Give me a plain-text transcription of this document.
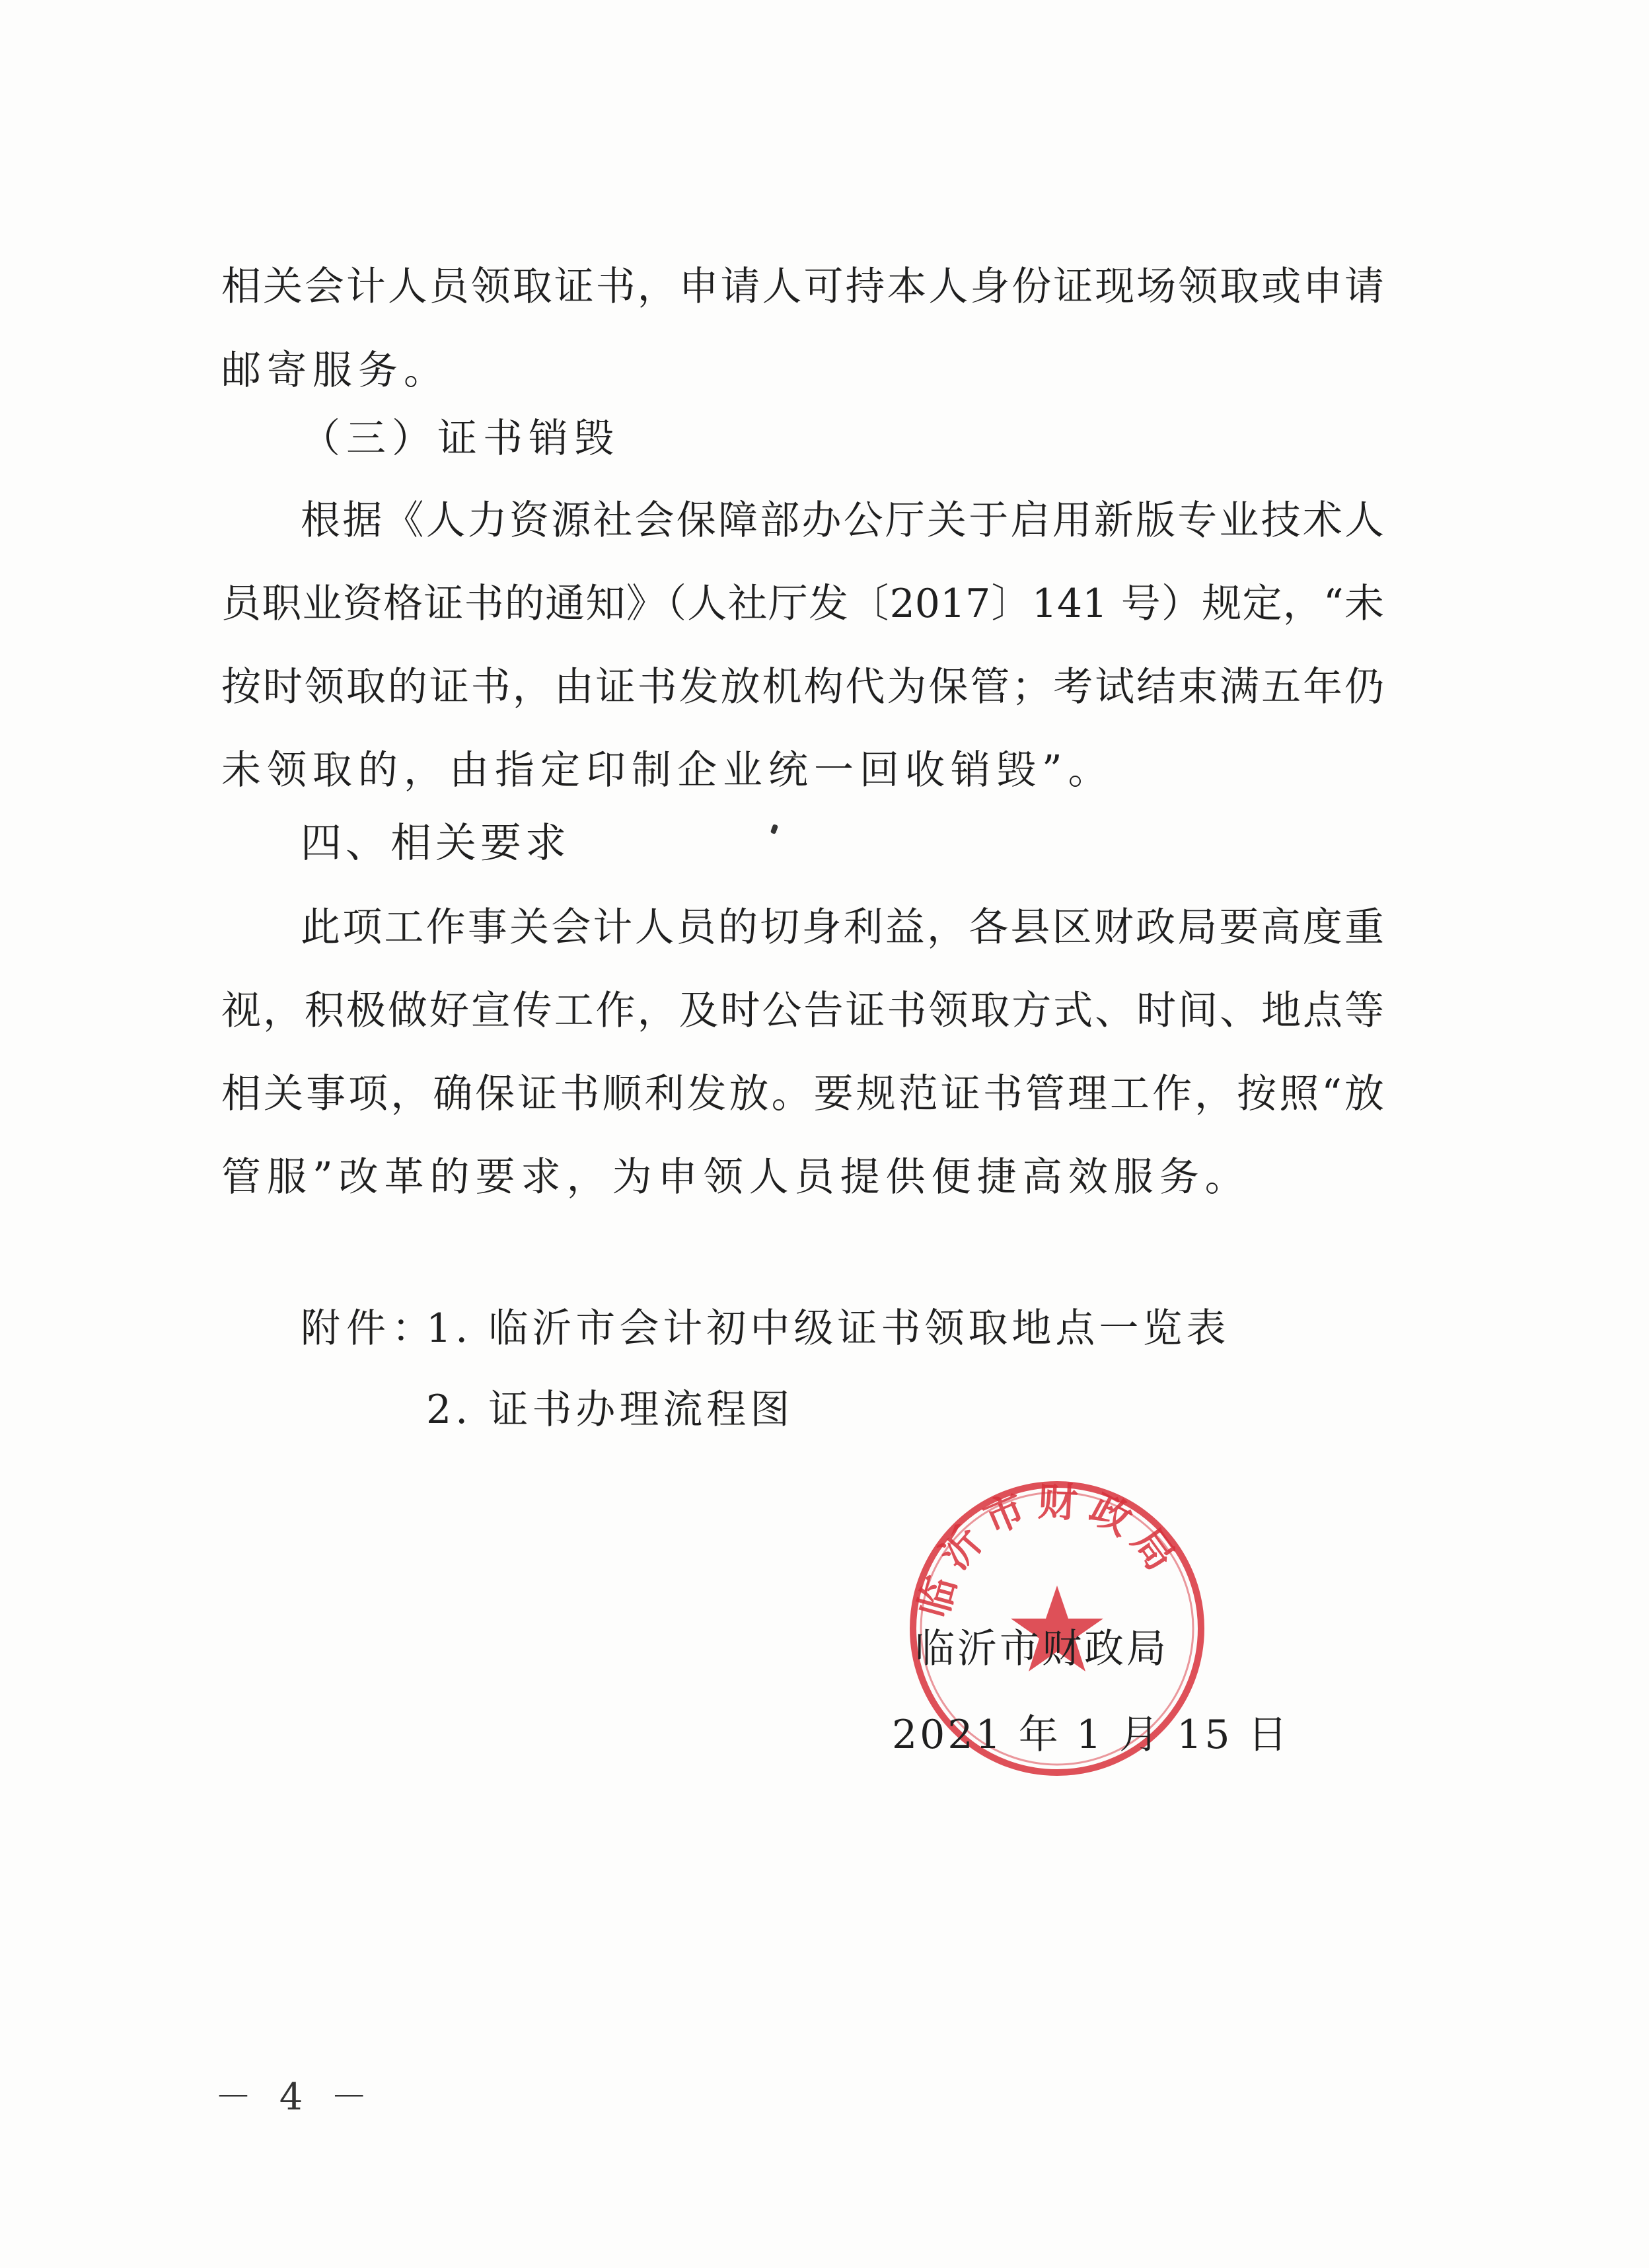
相关会计人员领取证书，申请人可持本人身份证现场领取或申请
邮寄服务。
（三）证书销毁
根据《人力资源社会保障部办公厅关于启用新版专业技术人
员职业资格证书的通知》（人社厅发〔2017〕141 号）规定，“未
按时领取的证书，由证书发放机构代为保管；考试结束满五年仍
未领取的，由指定印制企业统一回收销毁”。
四、相关要求
此项工作事关会计人员的切身利益，各县区财政局要高度重
视，积极做好宣传工作，及时公告证书领取方式、时间、地点等
相关事项，确保证书顺利发放。要规范证书管理工作，按照“放
管服”改革的要求，为申领人员提供便捷高效服务。
附件：
1. 临沂市会计初中级证书领取地点一览表
2. 证书办理流程图
临沂市财政局
临沂市财政局
2021 年 1 月 15 日
－ 4 －
